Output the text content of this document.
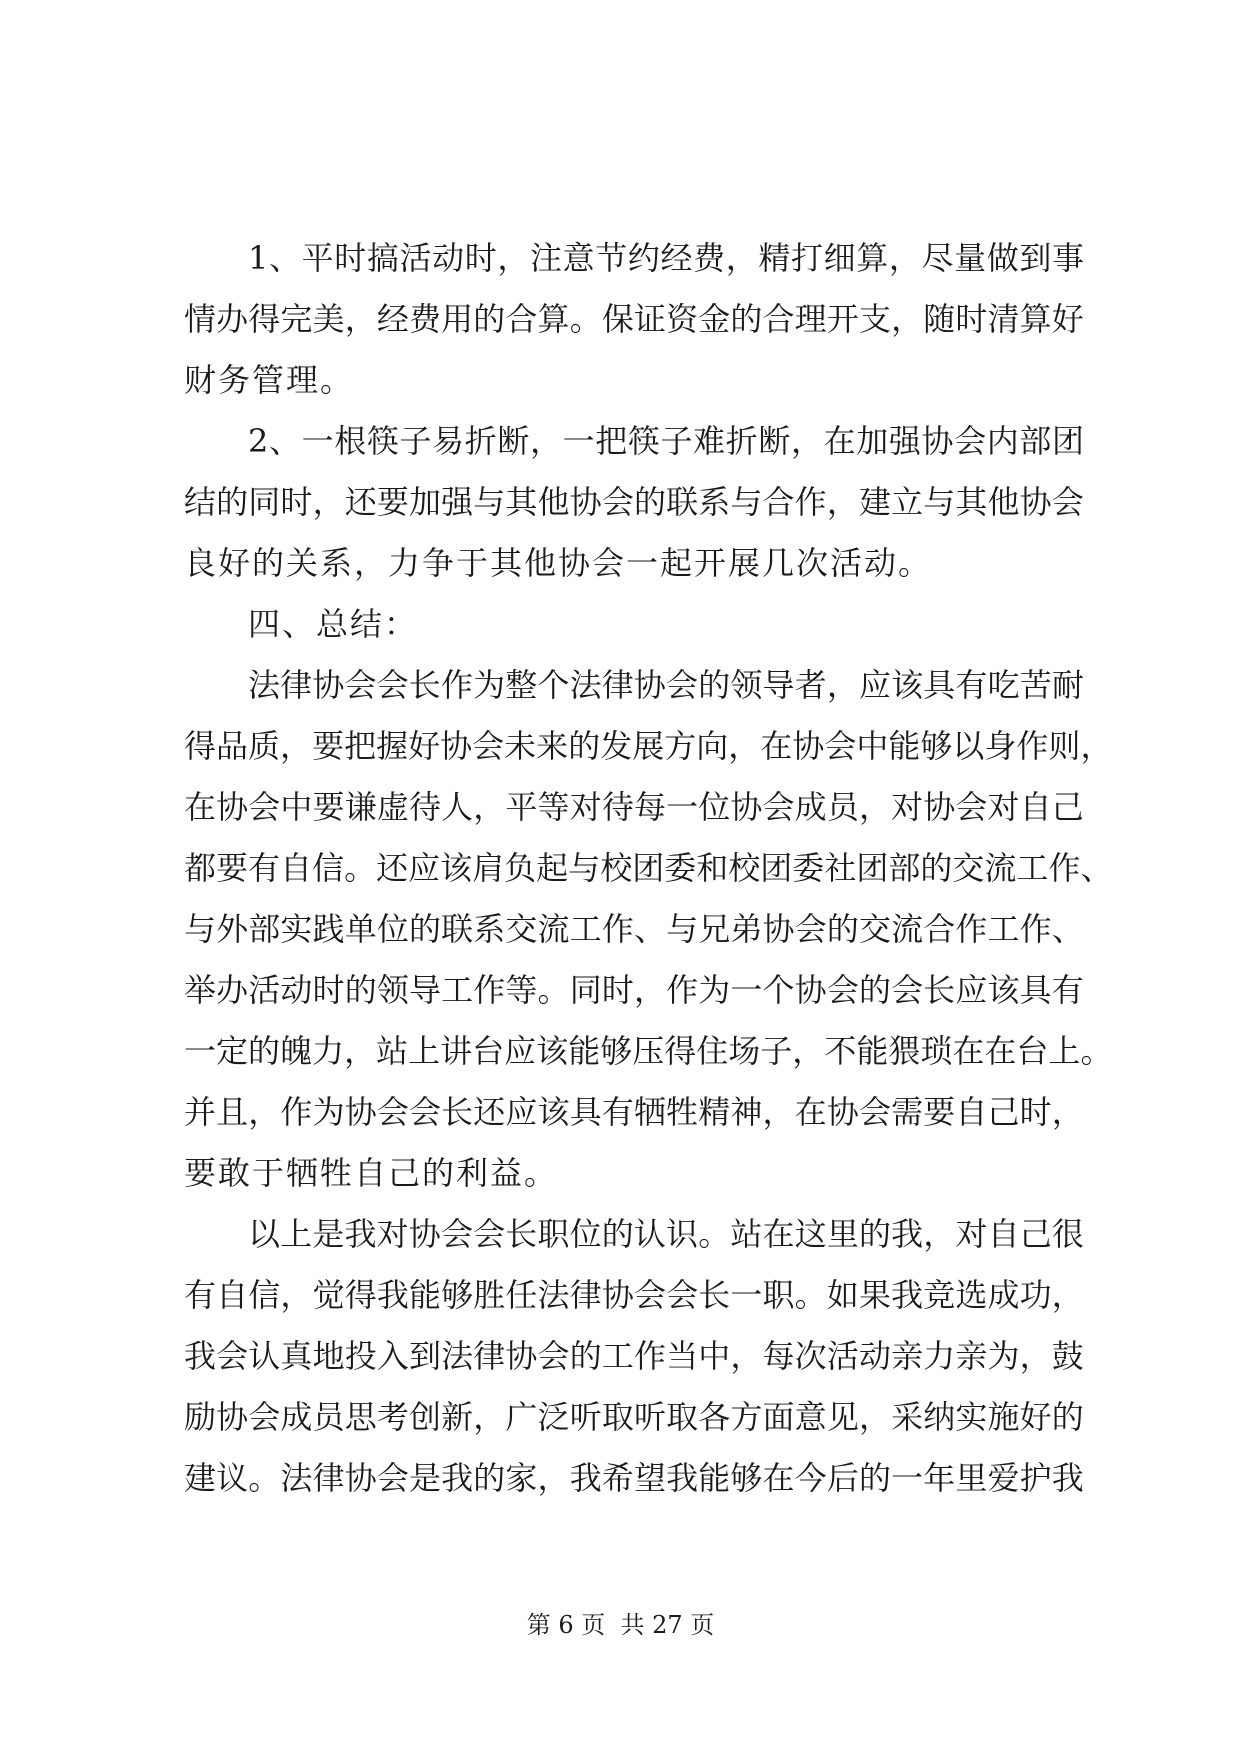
1 、 平 时 搞 活 动 时 ， 注 意 节 约 经 费 ， 精 打 细 算 ， 尽 量 做 到 事
情 办 得 完 美 ， 经 费 用 的 合 算 。 保 证 资 金 的 合 理 开 支 ， 随 时 清 算 好
财务管理。
2 、 一 根 筷 子 易 折 断 ， 一 把 筷 子 难 折 断 ， 在 加 强 协 会 内 部 团
结 的 同 时 ， 还 要 加 强 与 其 他 协 会 的 联 系 与 合 作 ， 建 立 与 其 他 协 会
良好的关系，力争于其他协会一起开展几次活动。
四、总结：
法 律 协 会 会 长 作 为 整 个 法 律 协 会 的 领 导 者 ， 应 该 具 有 吃 苦 耐
得 品 质 ， 要 把 握 好 协 会 未 来 的 发 展 方 向 ， 在 协 会 中 能 够 以 身 作 则 ，
在 协 会 中 要 谦 虚 待 人 ， 平 等 对 待 每 一 位 协 会 成 员 ， 对 协 会 对 自 己
都 要 有 自 信 。 还 应 该 肩 负 起 与 校 团 委 和 校 团 委 社 团 部 的 交 流 工 作 、
与 外 部 实 践 单 位 的 联 系 交 流 工 作 、 与 兄 弟 协 会 的 交 流 合 作 工 作 、
举 办 活 动 时 的 领 导 工 作 等 。 同 时 ， 作 为 一 个 协 会 的 会 长 应 该 具 有
一 定 的 魄 力 ， 站 上 讲 台 应 该 能 够 压 得 住 场 子 ， 不 能 猥 琐 在 在 台 上 。
并 且 ， 作 为 协 会 会 长 还 应 该 具 有 牺 牲 精 神 ， 在 协 会 需 要 自 己 时 ，
要敢于牺牲自己的利益。
以 上 是 我 对 协 会 会 长 职 位 的 认 识 。 站 在 这 里 的 我 ， 对 自 己 很
有 自 信 ， 觉 得 我 能 够 胜 任 法 律 协 会 会 长 一 职 。 如 果 我 竞 选 成 功 ，
我 会 认 真 地 投 入 到 法 律 协 会 的 工 作 当 中 ， 每 次 活 动 亲 力 亲 为 ， 鼓
励 协 会 成 员 思 考 创 新 ， 广 泛 听 取 听 取 各 方 面 意 见 ， 采 纳 实 施 好 的
建 议 。 法 律 协 会 是 我 的 家 ， 我 希 望 我 能 够 在 今 后 的 一 年 里 爱 护 我
第 6 页  共 27 页
